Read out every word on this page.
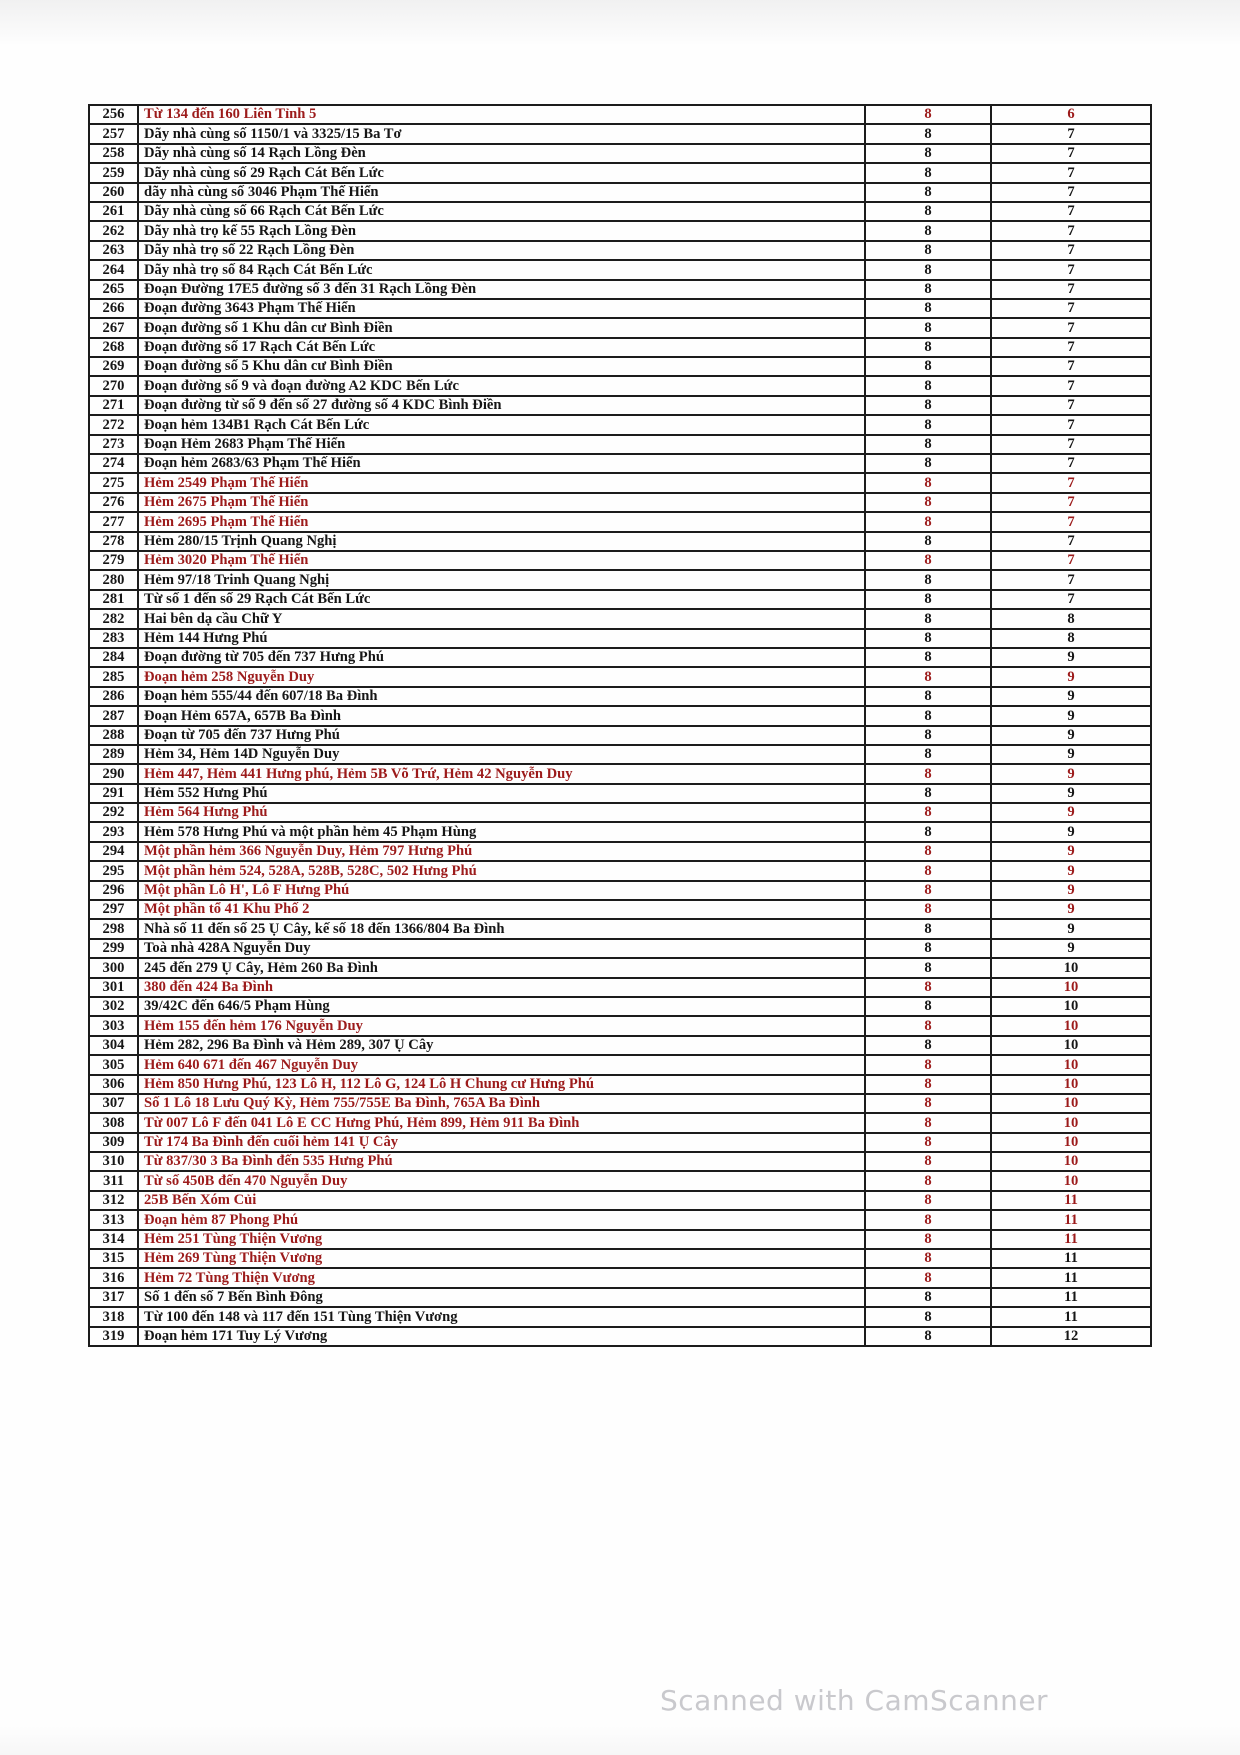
256	Từ 134 đến 160 Liên Tỉnh 5	8	6
257	Dãy nhà cùng số 1150/1 và 3325/15 Ba Tơ	8	7
258	Dãy nhà cùng số 14 Rạch Lồng Đèn	8	7
259	Dãy nhà cùng số 29 Rạch Cát Bến Lức	8	7
260	dãy nhà cùng số 3046 Phạm Thế Hiển	8	7
261	Dãy nhà cùng số 66 Rạch Cát Bến Lức	8	7
262	Dãy nhà trọ kế 55 Rạch Lồng Đèn	8	7
263	Dãy nhà trọ số 22 Rạch Lồng Đèn	8	7
264	Dãy nhà trọ số 84 Rạch Cát Bến Lức	8	7
265	Đoạn Đường 17E5 đường số 3 đến 31 Rạch Lồng Đèn	8	7
266	Đoạn đường 3643 Phạm Thế Hiển	8	7
267	Đoạn đường số 1 Khu dân cư Bình Điền	8	7
268	Đoạn đường số 17 Rạch Cát Bến Lức	8	7
269	Đoạn đường số 5 Khu dân cư Bình Điền	8	7
270	Đoạn đường số 9 và đoạn đường A2 KDC Bến Lức	8	7
271	Đoạn đường từ số 9 đến số 27 đường số 4 KDC Bình Điền	8	7
272	Đoạn hẻm 134B1 Rạch Cát Bến Lức	8	7
273	Đoạn Hẻm 2683 Phạm Thế Hiển	8	7
274	Đoạn hẻm 2683/63 Phạm Thế Hiển	8	7
275	Hẻm 2549 Phạm Thế Hiển	8	7
276	Hẻm 2675 Phạm Thế Hiển	8	7
277	Hẻm 2695 Phạm Thế Hiển	8	7
278	Hẻm 280/15 Trịnh Quang Nghị	8	7
279	Hẻm 3020 Phạm Thế Hiển	8	7
280	Hẻm 97/18 Trinh Quang Nghị	8	7
281	Từ số 1 đến số 29 Rạch Cát Bến Lức	8	7
282	Hai bên dạ cầu Chữ Y	8	8
283	Hẻm 144 Hưng Phú	8	8
284	Đoạn đường từ 705 đến 737 Hưng Phú	8	9
285	Đoạn hẻm 258 Nguyễn Duy	8	9
286	Đoạn hẻm 555/44 đến 607/18 Ba Đình	8	9
287	Đoạn Hẻm 657A, 657B Ba Đình	8	9
288	Đoạn từ 705 đến 737 Hưng Phú	8	9
289	Hẻm 34, Hẻm 14D Nguyễn Duy	8	9
290	Hẻm 447, Hẻm 441 Hưng phú, Hẻm 5B Võ Trứ, Hẻm 42 Nguyễn Duy	8	9
291	Hẻm 552 Hưng Phú	8	9
292	Hẻm 564 Hưng Phú	8	9
293	Hẻm 578 Hưng Phú và một phần hẻm 45 Phạm Hùng	8	9
294	Một phần hẻm 366 Nguyễn Duy, Hẻm 797 Hưng Phú	8	9
295	Một phần hẻm 524, 528A, 528B, 528C, 502 Hưng Phú	8	9
296	Một phần Lô H', Lô F Hưng Phú	8	9
297	Một phần tổ 41 Khu Phố 2	8	9
298	Nhà số 11 đến số 25 Ụ Cây, kế số 18 đến 1366/804 Ba Đình	8	9
299	Toà nhà 428A Nguyễn Duy	8	9
300	245 đến 279 Ụ Cây, Hẻm 260 Ba Đình	8	10
301	380 đến 424 Ba Đình	8	10
302	39/42C đến 646/5 Phạm Hùng	8	10
303	Hẻm 155 đến hẻm 176 Nguyễn Duy	8	10
304	Hẻm 282, 296 Ba Đình và Hẻm 289, 307 Ụ Cây	8	10
305	Hẻm 640 671 đến 467 Nguyễn Duy	8	10
306	Hẻm 850 Hưng Phú, 123 Lô H, 112 Lô G, 124 Lô H Chung cư Hưng Phú	8	10
307	Số 1 Lô 18 Lưu Quý Kỳ, Hẻm 755/755E Ba Đình, 765A Ba Đình	8	10
308	Từ 007 Lô F đến 041 Lô E CC Hưng Phú, Hẻm 899, Hẻm 911 Ba Đình	8	10
309	Từ 174 Ba Đình đến cuối hẻm 141 Ụ Cây	8	10
310	Từ 837/30 3 Ba Đình đến 535 Hưng Phú	8	10
311	Từ số 450B đến 470 Nguyễn Duy	8	10
312	25B Bến Xóm Củi	8	11
313	Đoạn hẻm 87 Phong Phú	8	11
314	Hẻm 251 Tùng Thiện Vương	8	11
315	Hẻm 269 Tùng Thiện Vương	8	11
316	Hẻm 72 Tùng Thiện Vương	8	11
317	Số 1 đến số 7 Bến Bình Đông	8	11
318	Từ 100 đến 148 và 117 đến 151 Tùng Thiện Vương	8	11
319	Đoạn hẻm 171 Tuy Lý Vương	8	12
Scanned with CamScanner
